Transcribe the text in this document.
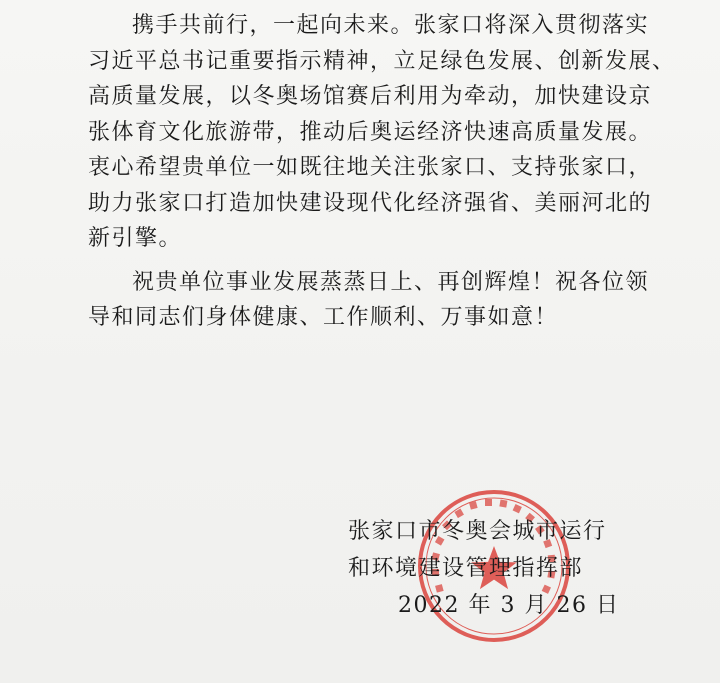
携手共前行，一起向未来。张家口将深入贯彻落实
习近平总书记重要指示精神，立足绿色发展、创新发展、
高质量发展，以冬奥场馆赛后利用为牵动，加快建设京
张体育文化旅游带，推动后奥运经济快速高质量发展。
衷心希望贵单位一如既往地关注张家口、支持张家口，
助力张家口打造加快建设现代化经济强省、美丽河北的
新引擎。

祝贵单位事业发展蒸蒸日上、再创辉煌！祝各位领
导和同志们身体健康、工作顺利、万事如意！

张家口市冬奥会城市运行
和环境建设管理指挥部
2022 年 3 月 26 日
